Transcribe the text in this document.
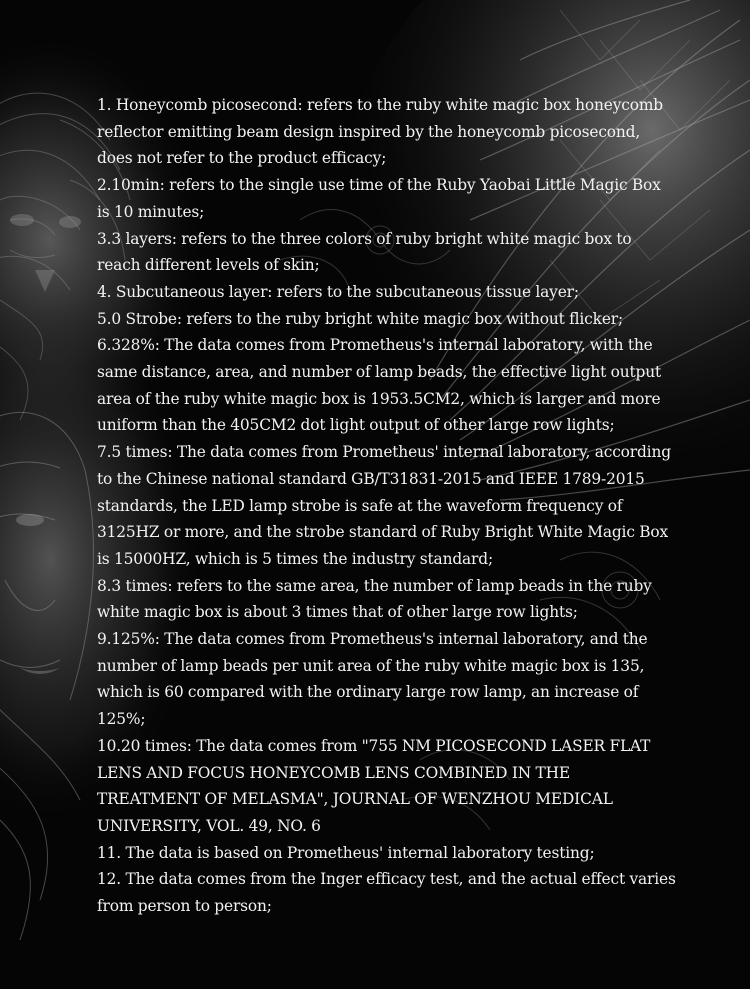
1. Honeycomb picosecond: refers to the ruby white magic box honeycomb reflector emitting beam design inspired by the honeycomb picosecond, does not refer to the product efficacy;
2.10min: refers to the single use time of the Ruby Yaobai Little Magic Box is 10 minutes;
3.3 layers: refers to the three colors of ruby bright white magic box to reach different levels of skin;
4. Subcutaneous layer: refers to the subcutaneous tissue layer;
5.0 Strobe: refers to the ruby bright white magic box without flicker;
6.328%: The data comes from Prometheus's internal laboratory, with the same distance, area, and number of lamp beads, the effective light output area of the ruby white magic box is 1953.5CM2, which is larger and more uniform than the 405CM2 dot light output of other large row lights;
7.5 times: The data comes from Prometheus' internal laboratory, according to the Chinese national standard GB/T31831-2015 and IEEE 1789-2015 standards, the LED lamp strobe is safe at the waveform frequency of 3125HZ or more, and the strobe standard of Ruby Bright White Magic Box is 15000HZ, which is 5 times the industry standard;
8.3 times: refers to the same area, the number of lamp beads in the ruby white magic box is about 3 times that of other large row lights;
9.125%: The data comes from Prometheus's internal laboratory, and the number of lamp beads per unit area of the ruby white magic box is 135, which is 60 compared with the ordinary large row lamp, an increase of 125%;
10.20 times: The data comes from "755 NM PICOSECOND LASER FLAT LENS AND FOCUS HONEYCOMB LENS COMBINED IN THE TREATMENT OF MELASMA", JOURNAL OF WENZHOU MEDICAL UNIVERSITY, VOL. 49, NO. 6
11. The data is based on Prometheus' internal laboratory testing;
12. The data comes from the Inger efficacy test, and the actual effect varies from person to person;
